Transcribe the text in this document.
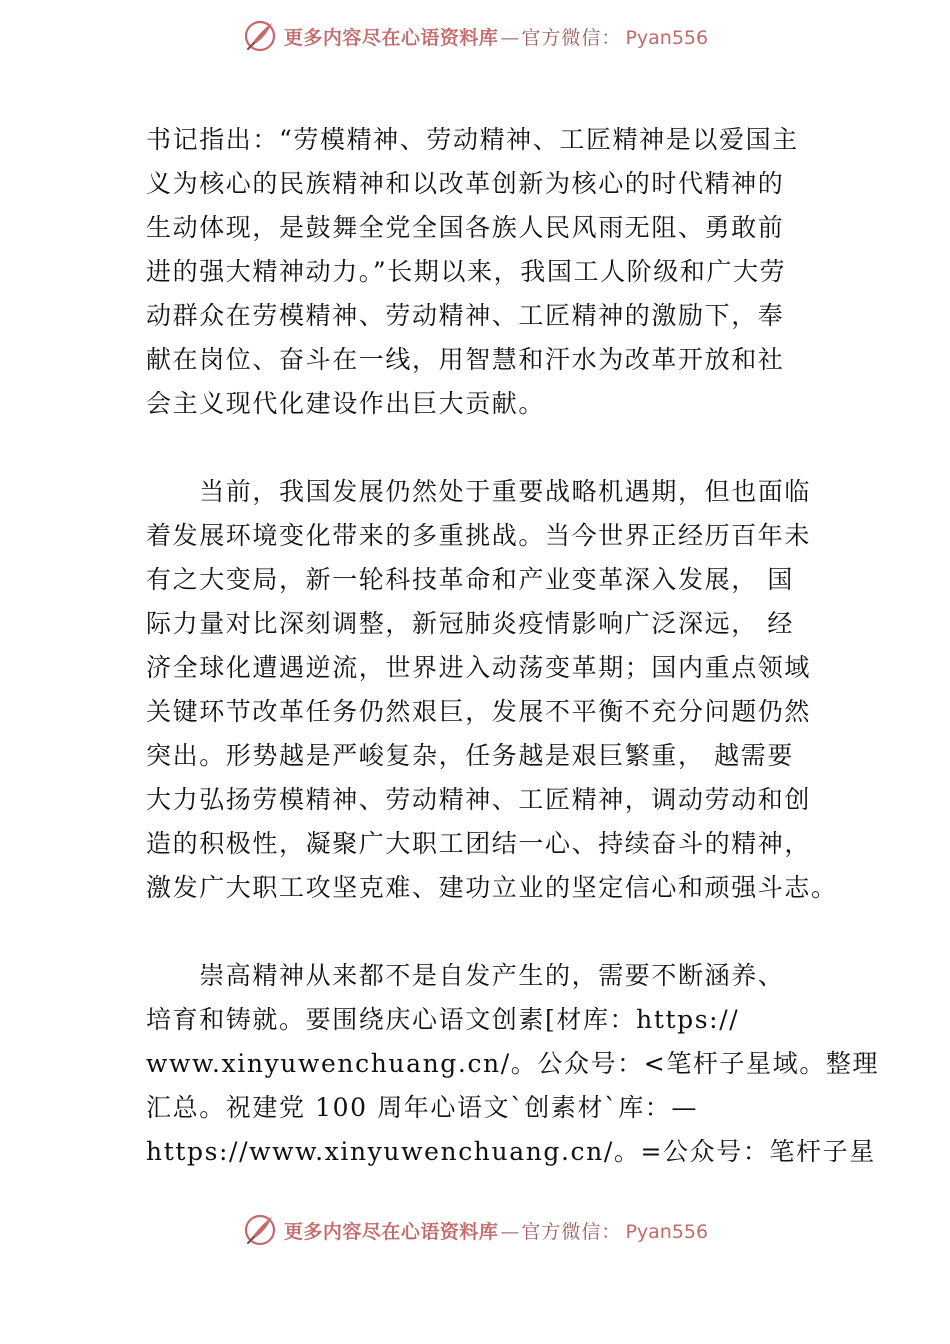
更多内容尽在心语资料库 — 官方微信： Pyan556
书记指出：“劳模精神、劳动精神、工匠精神是以爱国主
义为核心的民族精神和以改革创新为核心的时代精神的
生动体现，是鼓舞全党全国各族人民风雨无阻、勇敢前
进的强大精神动力。”长期以来，我国工人阶级和广大劳
动群众在劳模精神、劳动精神、工匠精神的激励下，奉
献在岗位、奋斗在一线，用智慧和汗水为改革开放和社
会主义现代化建设作出巨大贡献。
　　当前，我国发展仍然处于重要战略机遇期，但也面临
着发展环境变化带来的多重挑战。当今世界正经历百年未
有之大变局，新一轮科技革命和产业变革深入发展， 国
际力量对比深刻调整，新冠肺炎疫情影响广泛深远， 经
济全球化遭遇逆流，世界进入动荡变革期；国内重点领域
关键环节改革任务仍然艰巨，发展不平衡不充分问题仍然
突出。形势越是严峻复杂，任务越是艰巨繁重， 越需要
大力弘扬劳模精神、劳动精神、工匠精神，调动劳动和创
造的积极性，凝聚广大职工团结一心、持续奋斗的精神，
激发广大职工攻坚克难、建功立业的坚定信心和顽强斗志。
　　崇高精神从来都不是自发产生的，需要不断涵养、
培育和铸就。要围绕庆心语文创素[材库：https://
www.xinyuwenchuang.cn/。公众号：<笔杆子星域。整理
汇总。祝建党 100 周年心语文`创素材`库：—
https://www.xinyuwenchuang.cn/。=公众号：笔杆子星
更多内容尽在心语资料库 — 官方微信： Pyan556
